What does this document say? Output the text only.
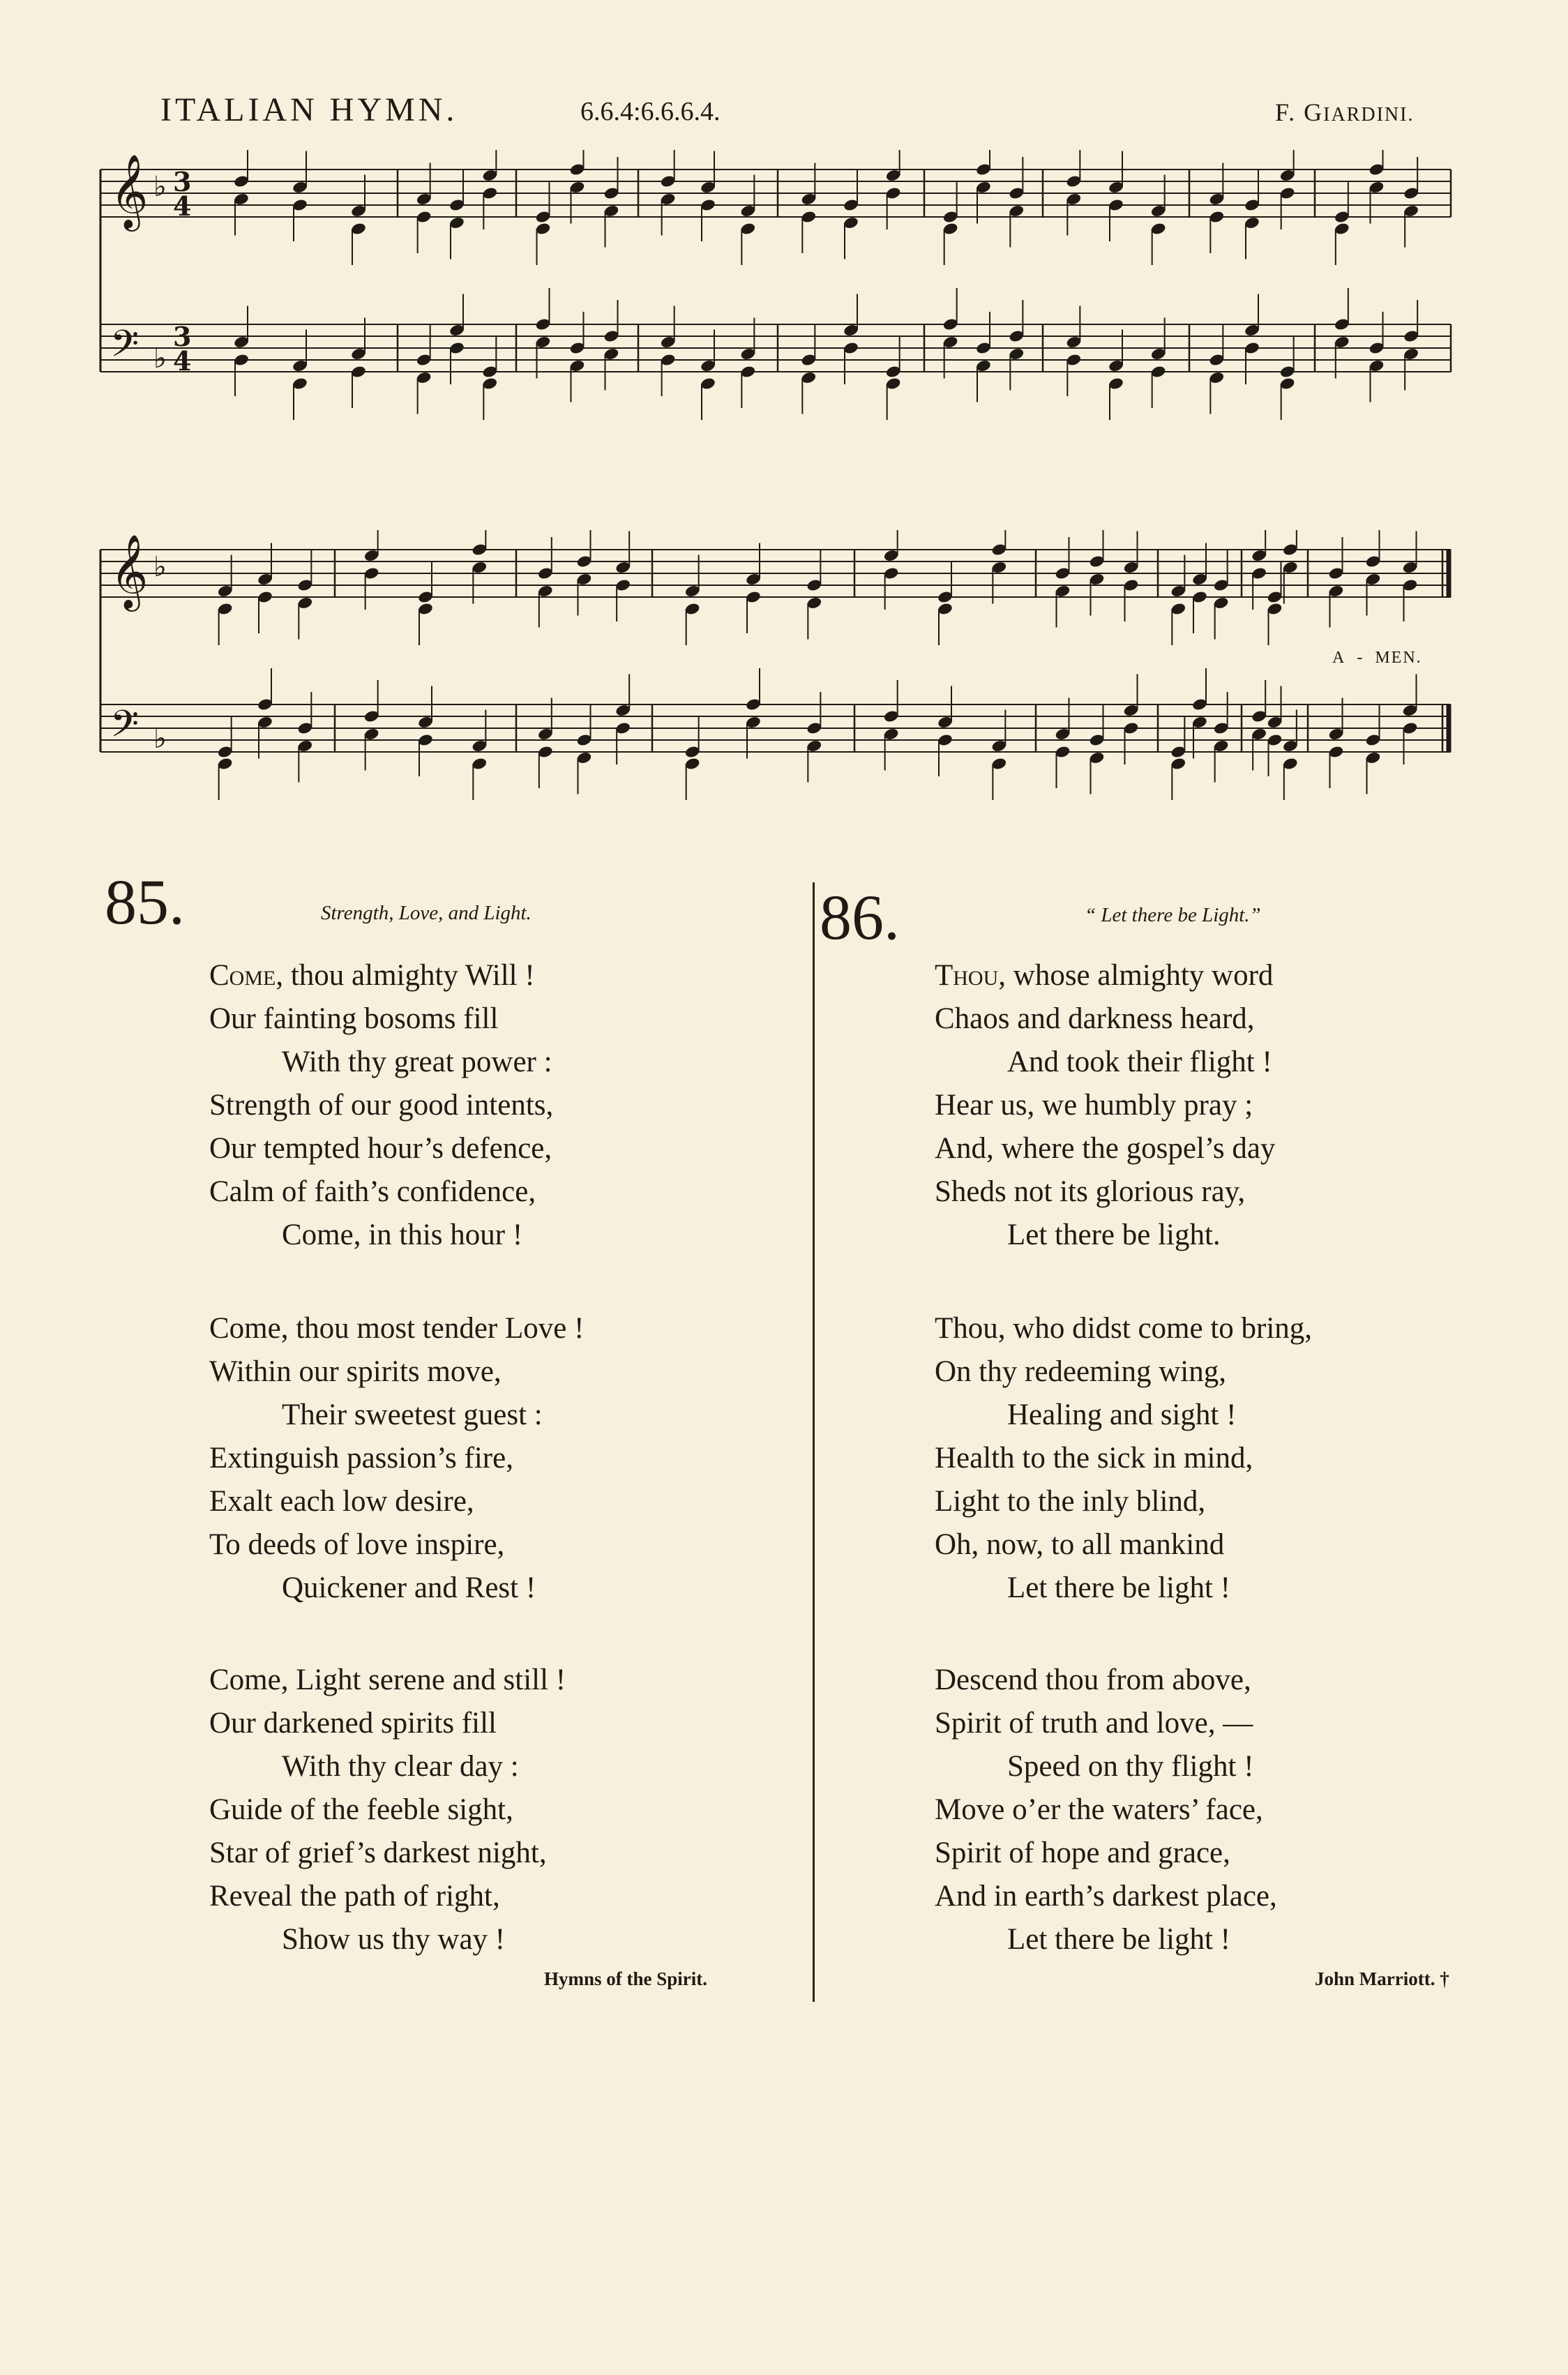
ITALIAN HYMN.	6.6.4:6.6.6.4.	F. GIARDINI.
𝄞 ♭ 3
4
𝄢 ♭
3
4
𝄞 ♭
𝄢 ♭
A - MEN.
85.	Strength, Love, and Light.

Come, thou almighty Will !
Our fainting bosoms fill
With thy great power :
Strength of our good intents,
Our tempted hour’s defence,
Calm of faith’s confidence,
Come, in this hour !

Come, thou most tender Love !
Within our spirits move,
Their sweetest guest :
Extinguish passion’s fire,
Exalt each low desire,
To deeds of love inspire,
Quickener and Rest !

Come, Light serene and still !
Our darkened spirits fill
With thy clear day :
Guide of the feeble sight,
Star of grief’s darkest night,
Reveal the path of right,
Show us thy way !

Hymns of the Spirit.
86.	“ Let there be Light.”

Thou, whose almighty word
Chaos and darkness heard,
And took their flight !
Hear us, we humbly pray ;
And, where the gospel’s day
Sheds not its glorious ray,
Let there be light.

Thou, who didst come to bring,
On thy redeeming wing,
Healing and sight !
Health to the sick in mind,
Light to the inly blind,
Oh, now, to all mankind
Let there be light !

Descend thou from above,
Spirit of truth and love, —
Speed on thy flight !
Move o’er the waters’ face,
Spirit of hope and grace,
And in earth’s darkest place,
Let there be light !

John Marriott. †
